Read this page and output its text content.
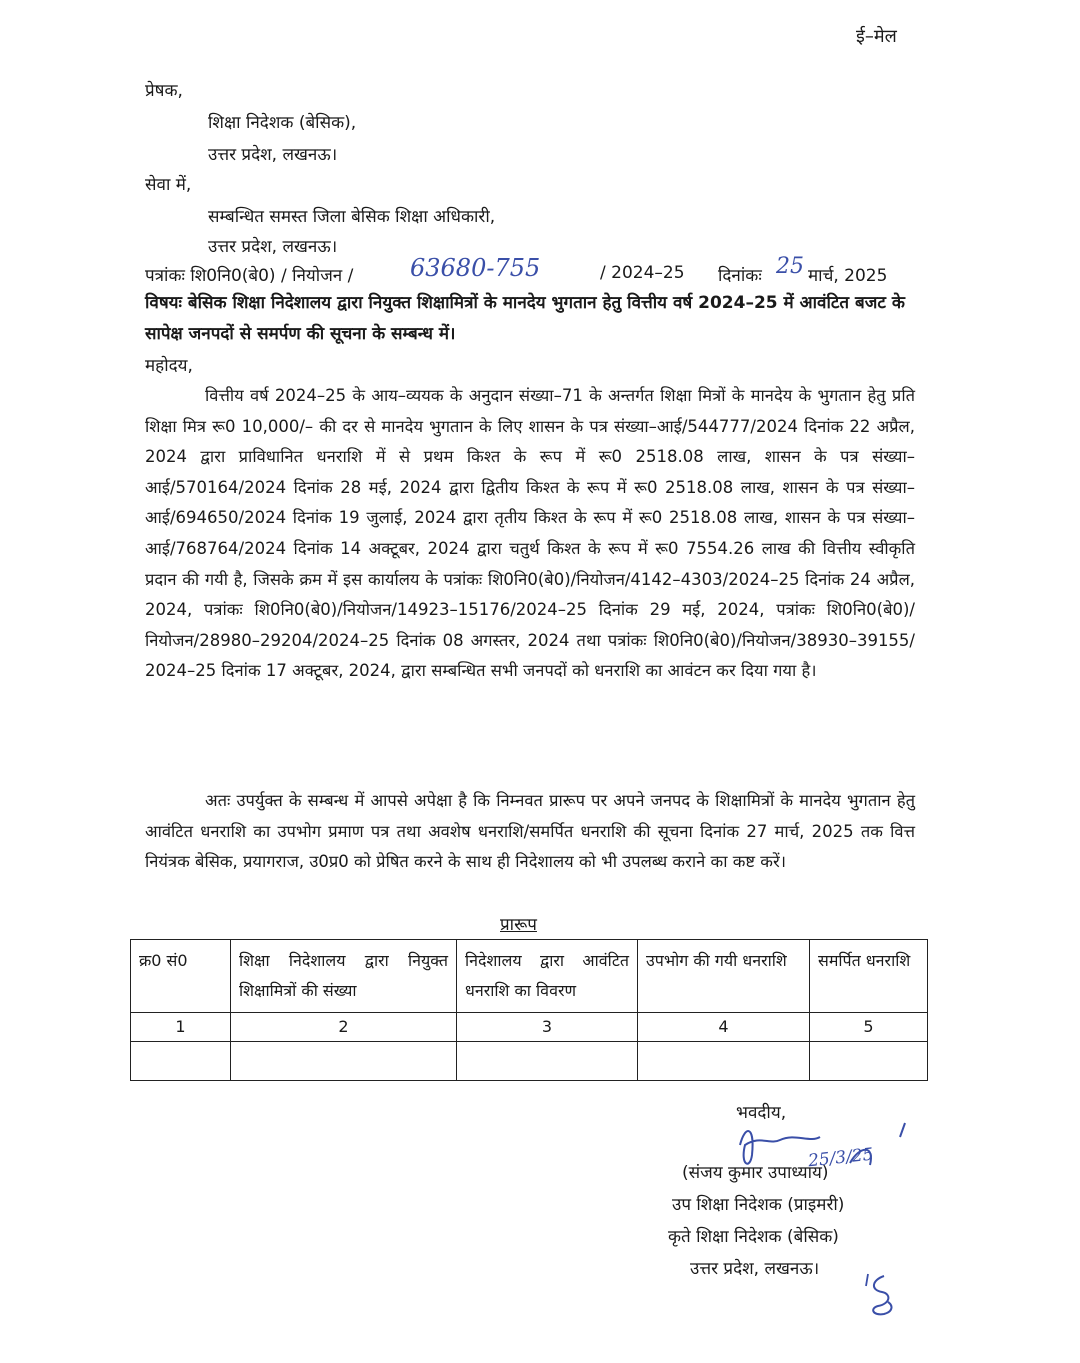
ई–मेल
प्रेषक,
शिक्षा निदेशक (बेसिक),
उत्तर प्रदेश, लखनऊ।
सेवा में,
सम्बन्धित समस्त जिला बेसिक शिक्षा अधिकारी,
उत्तर प्रदेश, लखनऊ।
पत्रांकः शि0नि0(बे0) / नियोजन / 63680-755	/ 2024–25 दिनांकः 25 मार्च, 2025
विषयः बेसिक शिक्षा निदेशालय द्वारा नियुक्त शिक्षामित्रों के मानदेय भुगतान हेतु वित्तीय वर्ष 2024–25 में आवंटित बजट के सापेक्ष जनपदों से समर्पण की सूचना के सम्बन्ध में।
महोदय,

वित्तीय वर्ष 2024–25 के आय–व्ययक के अनुदान संख्या–71 के अन्तर्गत शिक्षा मित्रों के मानदेय के भुगतान हेतु प्रति शिक्षा मित्र रू0 10,000/– की दर से मानदेय भुगतान के लिए शासन के पत्र संख्या–आई/544777/2024 दिनांक 22 अप्रैल, 2024 द्वारा प्राविधानित धनराशि में से प्रथम किश्त के रूप में रू0 2518.08 लाख, शासन के पत्र संख्या–आई/570164/2024 दिनांक 28 मई, 2024 द्वारा द्वितीय किश्त के रूप में रू0 2518.08 लाख, शासन के पत्र संख्या–आई/694650/2024 दिनांक 19 जुलाई, 2024 द्वारा तृतीय किश्त के रूप में रू0 2518.08 लाख, शासन के पत्र संख्या–आई/768764/2024 दिनांक 14 अक्टूबर, 2024 द्वारा चतुर्थ किश्त के रूप में रू0 7554.26 लाख की वित्तीय स्वीकृति प्रदान की गयी है, जिसके क्रम में इस कार्यालय के पत्रांकः शि0नि0(बे0)/नियोजन/4142–4303/2024–25 दिनांक 24 अप्रैल, 2024, पत्रांकः शि0नि0(बे0)/नियोजन/14923–15176/2024–25 दिनांक 29 मई, 2024, पत्रांकः शि0नि0(बे0)/नियोजन/28980–29204/2024–25 दिनांक 08 अगस्तर, 2024 तथा पत्रांकः शि0नि0(बे0)/नियोजन/38930–39155/ 2024–25 दिनांक 17 अक्टूबर, 2024, द्वारा सम्बन्धित सभी जनपदों को धनराशि का आवंटन कर दिया गया है।

अतः उपर्युक्त के सम्बन्ध में आपसे अपेक्षा है कि निम्नवत प्रारूप पर अपने जनपद के शिक्षामित्रों के मानदेय भुगतान हेतु आवंटित धनराशि का उपभोग प्रमाण पत्र तथा अवशेष धनराशि/समर्पित धनराशि की सूचना दिनांक 27 मार्च, 2025 तक वित्त नियंत्रक बेसिक, प्रयागराज, उ0प्र0 को प्रेषित करने के साथ ही निदेशालय को भी उपलब्ध कराने का कष्ट करें।

प्रारूप
क्र0 सं0	शिक्षा निदेशालय द्वारा नियुक्त शिक्षामित्रों की संख्या	निदेशालय द्वारा आवंटित धनराशि का विवरण	उपभोग की गयी धनराशि	समर्पित धनराशि
1	2	3	4	5

भवदीय,
25/3/25
(संजय कुमार उपाध्याय)
उप शिक्षा निदेशक (प्राइमरी)
कृते शिक्षा निदेशक (बेसिक)
उत्तर प्रदेश, लखनऊ।
